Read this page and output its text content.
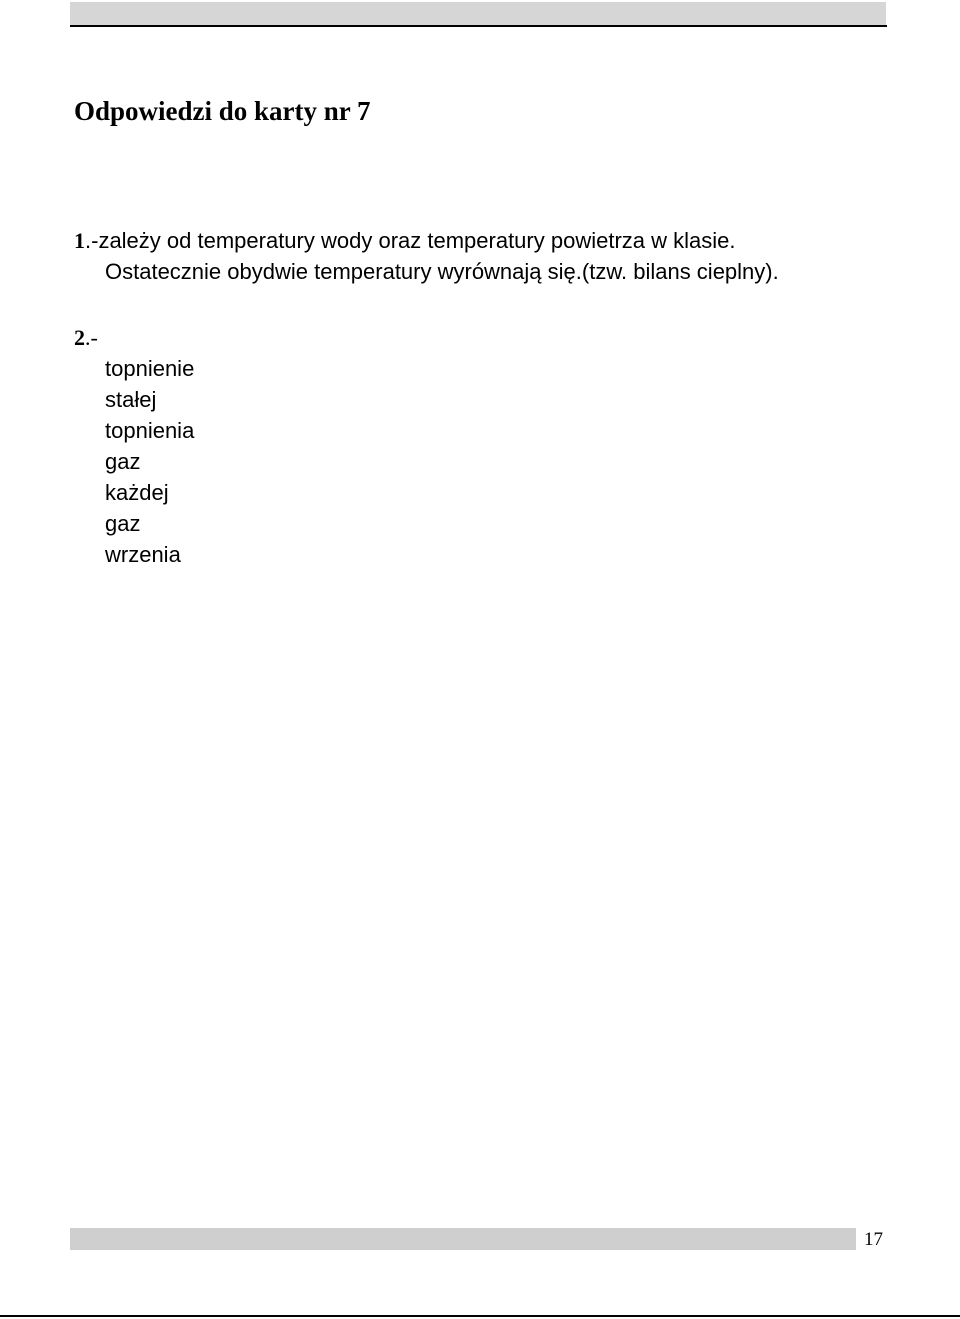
Odpowiedzi do karty nr 7
1.-zależy od temperatury wody oraz temperatury powietrza w klasie.
Ostatecznie obydwie temperatury wyrównają się.(tzw. bilans cieplny).
2.-
topnienie
stałej
topnienia
gaz
każdej
gaz
wrzenia
17
